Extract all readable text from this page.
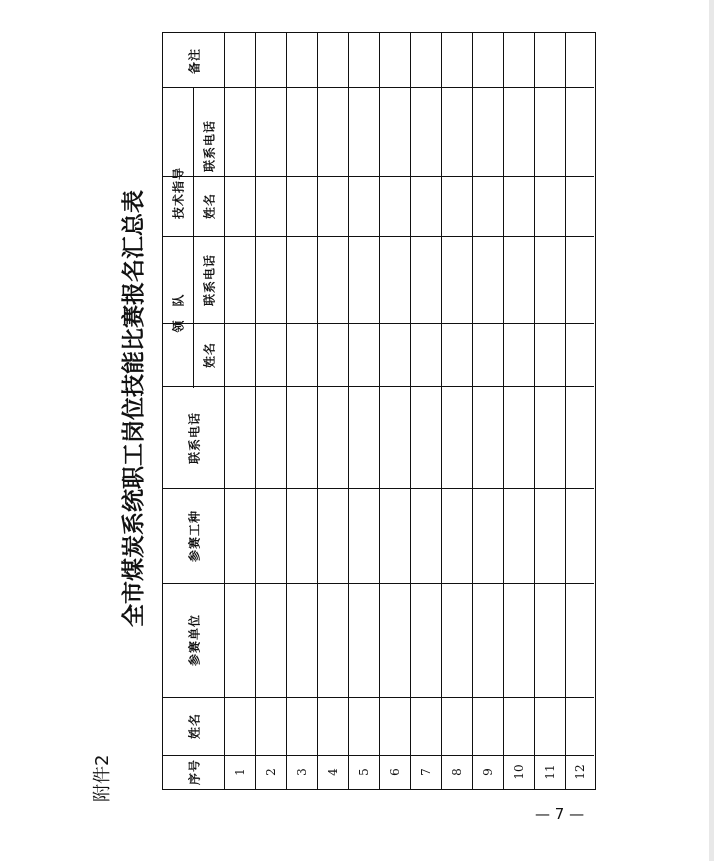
附件2
全市煤炭系统职工岗位技能比赛报名汇总表
备注
技术指导
联系电话
姓名
领　队
联系电话
姓名
联系电话
参赛工种
参赛单位
姓名
序号	1 2 3 4 5 6 7 8 9 10 11 12
— 7 —
